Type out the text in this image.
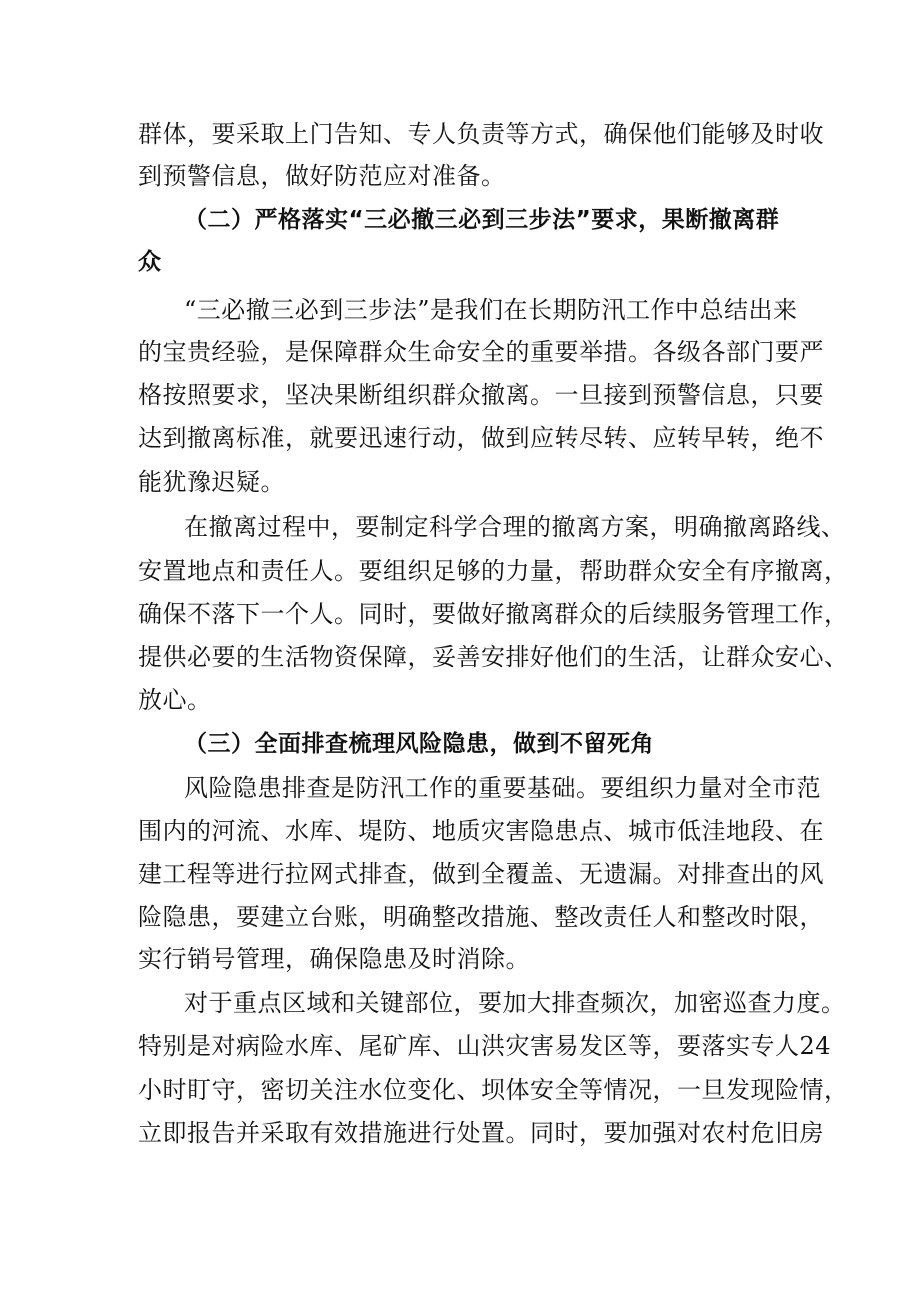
群体，要采取上门告知、专人负责等方式，确保他们能够及时收
到预警信息，做好防范应对准备。
（二）严格落实“三必撤三必到三步法”要求，果断撤离群
众
“三必撤三必到三步法”是我们在长期防汛工作中总结出来
的宝贵经验，是保障群众生命安全的重要举措。各级各部门要严
格按照要求，坚决果断组织群众撤离。一旦接到预警信息，只要
达到撤离标准，就要迅速行动，做到应转尽转、应转早转，绝不
能犹豫迟疑。
在撤离过程中，要制定科学合理的撤离方案，明确撤离路线、
安置地点和责任人。要组织足够的力量，帮助群众安全有序撤离，
确保不落下一个人。同时，要做好撤离群众的后续服务管理工作，
提供必要的生活物资保障，妥善安排好他们的生活，让群众安心、
放心。
（三）全面排查梳理风险隐患，做到不留死角
风险隐患排查是防汛工作的重要基础。要组织力量对全市范
围内的河流、水库、堤防、地质灾害隐患点、城市低洼地段、在
建工程等进行拉网式排查，做到全覆盖、无遗漏。对排查出的风
险隐患，要建立台账，明确整改措施、整改责任人和整改时限，
实行销号管理，确保隐患及时消除。
对于重点区域和关键部位，要加大排查频次，加密巡查力度。
特别是对病险水库、尾矿库、山洪灾害易发区等，要落实专人24
小时盯守，密切关注水位变化、坝体安全等情况，一旦发现险情，
立即报告并采取有效措施进行处置。同时，要加强对农村危旧房
